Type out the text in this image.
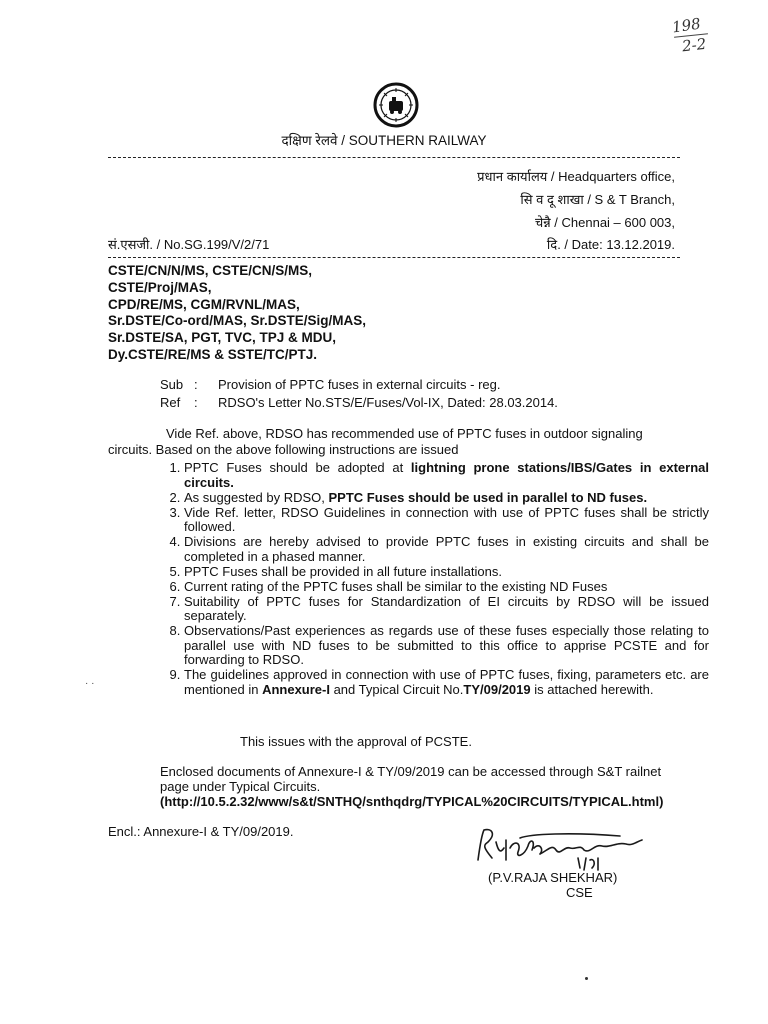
198
2-2
दक्षिण रेलवे / SOUTHERN RAILWAY
प्रधान कार्यालय / Headquarters office,
सि व दू शाखा / S & T Branch,
चेन्नै / Chennai – 600 003,
सं.एसजी. / No.SG.199/V/2/71	दि. / Date: 13.12.2019.
CSTE/CN/N/MS, CSTE/CN/S/MS,
CSTE/Proj/MAS,
CPD/RE/MS, CGM/RVNL/MAS,
Sr.DSTE/Co-ord/MAS, Sr.DSTE/Sig/MAS,
Sr.DSTE/SA, PGT, TVC, TPJ & MDU,
Dy.CSTE/RE/MS & SSTE/TC/PTJ.
Sub : Provision of PPTC fuses in external circuits - reg.
Ref : RDSO's Letter No.STS/E/Fuses/Vol-IX, Dated: 28.03.2014.

Vide Ref. above, RDSO has recommended use of PPTC fuses in outdoor signaling

circuits. Based on the above following instructions are issued

1. PPTC Fuses should be adopted at lightning prone stations/IBS/Gates in external circuits.
2. As suggested by RDSO, PPTC Fuses should be used in parallel to ND fuses.
3. Vide Ref. letter, RDSO Guidelines in connection with use of PPTC fuses shall be strictly followed.
4. Divisions are hereby advised to provide PPTC fuses in existing circuits and shall be completed in a phased manner.
5. PPTC Fuses shall be provided in all future installations.
6. Current rating of the PPTC fuses shall be similar to the existing ND Fuses
7. Suitability of PPTC fuses for Standardization of EI circuits by RDSO will be issued separately.
8. Observations/Past experiences as regards use of these fuses especially those relating to parallel use with ND fuses to be submitted to this office to apprise PCSTE and for forwarding to RDSO.
9. The guidelines approved in connection with use of PPTC fuses, fixing, parameters etc. are mentioned in Annexure-I and Typical Circuit No.TY/09/2019 is attached herewith.
· ·
This issues with the approval of PCSTE.
Enclosed documents of Annexure-I & TY/09/2019 can be accessed through S&T railnet page under Typical Circuits.
(http://10.5.2.32/www/s&t/SNTHQ/snthqdrg/TYPICAL%20CIRCUITS/TYPICAL.html)
Encl.: Annexure-I & TY/09/2019.
(P.V.RAJA SHEKHAR)
CSE
